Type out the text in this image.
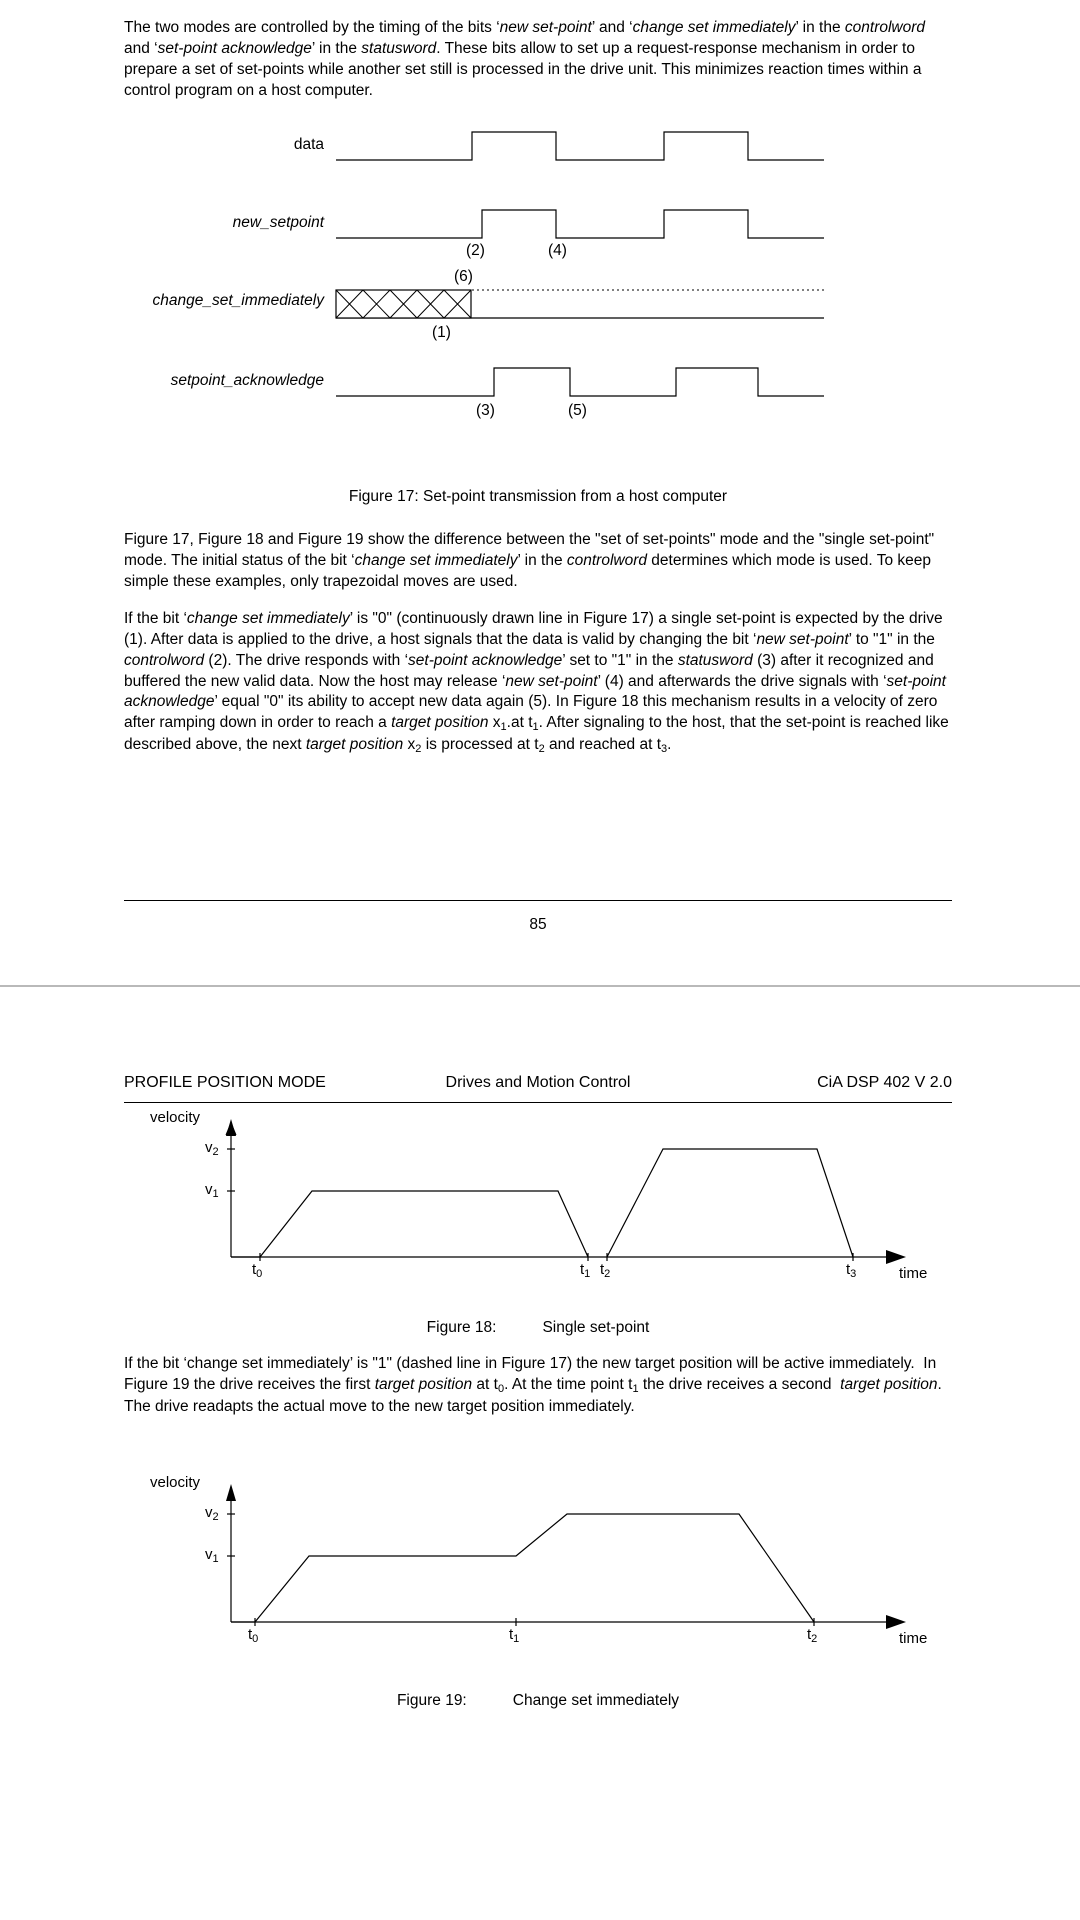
The two modes are controlled by the timing of the bits ‘new set-point’ and ‘change set immediately’ in the controlword and ‘set-point acknowledge’ in the statusword. These bits allow to set up a request-response mechanism in order to prepare a set of set-points while another set still is processed in the drive unit. This minimizes reaction times within a control program on a host computer.

data
new_setpoint
change_set_immediately
setpoint_acknowledge
(2)	(4)
(6)
(1)
(3)	(5)
Figure 17: Set-point transmission from a host computer

Figure 17, Figure 18 and Figure 19 show the difference between the "set of set-points" mode and the "single set-point" mode. The initial status of the bit ‘change set immediately’ in the controlword determines which mode is used. To keep simple these examples, only trapezoidal moves are used.

If the bit ‘change set immediately’ is "0" (continuously drawn line in Figure 17) a single set-point is expected by the drive (1). After data is applied to the drive, a host signals that the data is valid by changing the bit ‘new set-point’ to "1" in the controlword (2). The drive responds with ‘set-point acknowledge’ set to "1" in the statusword (3) after it recognized and buffered the new valid data. Now the host may release ‘new set-point’ (4) and afterwards the drive signals with ‘set-point acknowledge’ equal "0" its ability to accept new data again (5). In Figure 18 this mechanism results in a velocity of zero after ramping down in order to reach a target position $x_1.at$ $t_1$. After signaling to the host, that the set-point is reached like described above, the next target position $x_2$ is processed at $t_2$ and reached at $t_3$.

85
PROFILE POSITION MODE	Drives and Motion Control	CiA DSP 402 V 2.0
velocity
$v_2$
$v_1$
$t_0$	$t_1$ $t_2$	$t_3$	time
Figure 18:	Single set-point

If the bit ‘change set immediately’ is "1" (dashed line in Figure 17) the new target position will be active immediately.  In Figure 19 the drive receives the first target position at $t_0$. At the time point $t_1$ the drive receives a second  target position. The drive readapts the actual move to the new target position immediately.

velocity
$v_2$
$v_1$
$t_0$	$t_1$	$t_2$	time
Figure 19:	Change set immediately
